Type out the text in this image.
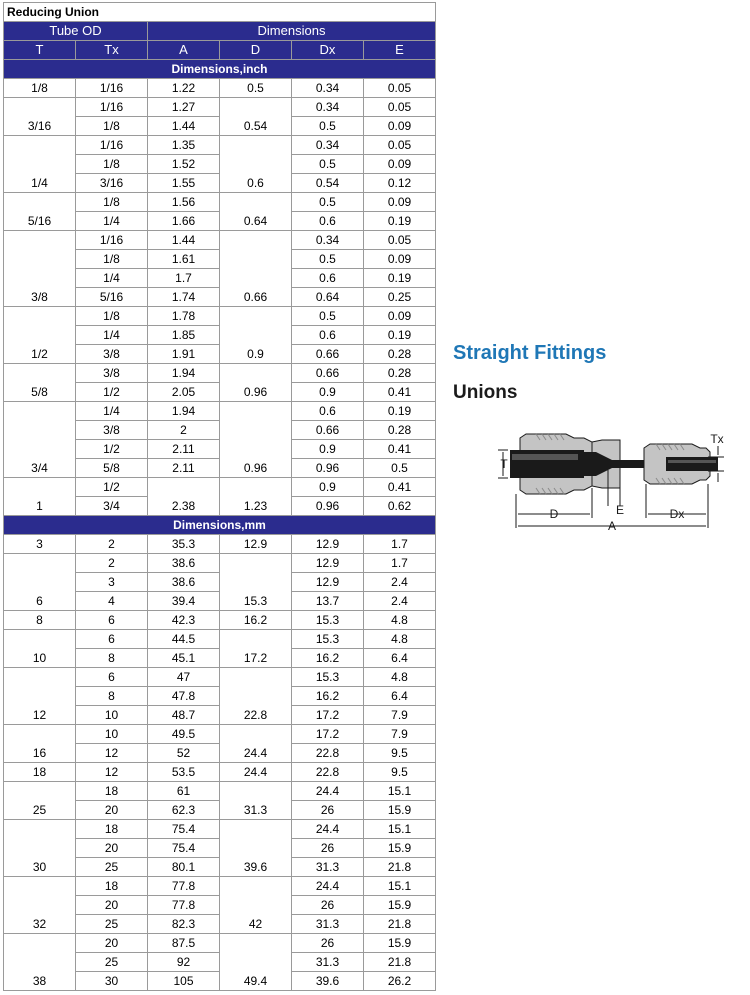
Reducing Union					
Tube OD		Dimensions			
T	Tx	A	D	Dx	E
Dimensions,inch					
1/8	1/16	1.22	0.5	0.34	0.05
3/16	1/16	1.27	0.54	0.34	0.05
	1/8	1.44		0.5	0.09
1/4	1/16	1.35	0.6	0.34	0.05
	1/8	1.52		0.5	0.09
	3/16	1.55		0.54	0.12
5/16	1/8	1.56	0.64	0.5	0.09
	1/4	1.66		0.6	0.19
3/8	1/16	1.44	0.66	0.34	0.05
	1/8	1.61		0.5	0.09
	1/4	1.7		0.6	0.19
	5/16	1.74		0.64	0.25
1/2	1/8	1.78	0.9	0.5	0.09
	1/4	1.85		0.6	0.19
	3/8	1.91		0.66	0.28
5/8	3/8	1.94	0.96	0.66	0.28
	1/2	2.05		0.9	0.41
3/4	1/4	1.94	0.96	0.6	0.19
	3/8	2		0.66	0.28
	1/2	2.11		0.9	0.41
	5/8	2.11		0.96	0.5
1	1/2	2.38	1.23	0.9	0.41
	3/4			0.96	0.62
Dimensions,mm					
3	2	35.3	12.9	12.9	1.7
6	2	38.6	15.3	12.9	1.7
	3	38.6		12.9	2.4
	4	39.4		13.7	2.4
8	6	42.3	16.2	15.3	4.8
10	6	44.5	17.2	15.3	4.8
	8	45.1		16.2	6.4
12	6	47	22.8	15.3	4.8
	8	47.8		16.2	6.4
	10	48.7		17.2	7.9
16	10	49.5	24.4	17.2	7.9
	12	52		22.8	9.5
18	12	53.5	24.4	22.8	9.5
25	18	61	31.3	24.4	15.1
	20	62.3		26	15.9
30	18	75.4	39.6	24.4	15.1
	20	75.4		26	15.9
	25	80.1		31.3	21.8
32	18	77.8	42	24.4	15.1
	20	77.8		26	15.9
	25	82.3		31.3	21.8
38	20	87.5	49.4	26	15.9
	25	92		31.3	21.8
	30	105		39.6	26.2
Straight Fittings
Unions
T
Tx
D	E	Dx
A
